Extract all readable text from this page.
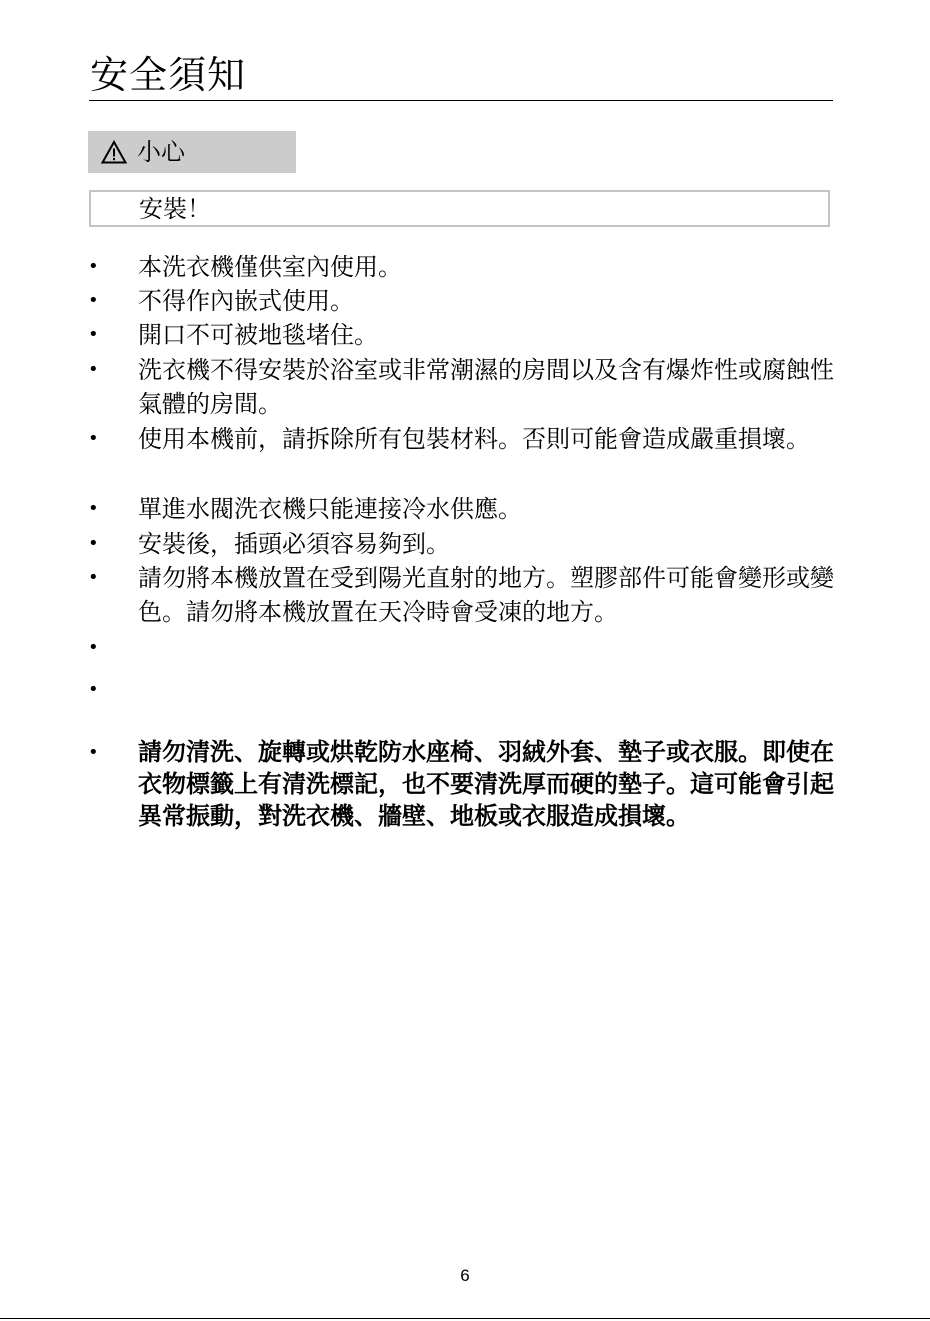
安全須知
小心
安裝！
• 本洗衣機僅供室內使用。
• 不得作內嵌式使用。
• 開口不可被地毯堵住。
• 洗衣機不得安裝於浴室或非常潮濕的房間以及含有爆炸性或腐蝕性氣體的房間。
• 使用本機前，請拆除所有包裝材料。否則可能會造成嚴重損壞。
• 單進水閥洗衣機只能連接冷水供應。
• 安裝後，插頭必須容易夠到。
• 請勿將本機放置在受到陽光直射的地方。塑膠部件可能會變形或變色。請勿將本機放置在天冷時會受凍的地方。
•
•
• 請勿清洗、旋轉或烘乾防水座椅、羽絨外套、墊子或衣服。即使在衣物標籤上有清洗標記，也不要清洗厚而硬的墊子。這可能會引起異常振動，對洗衣機、牆壁、地板或衣服造成損壞。
6
